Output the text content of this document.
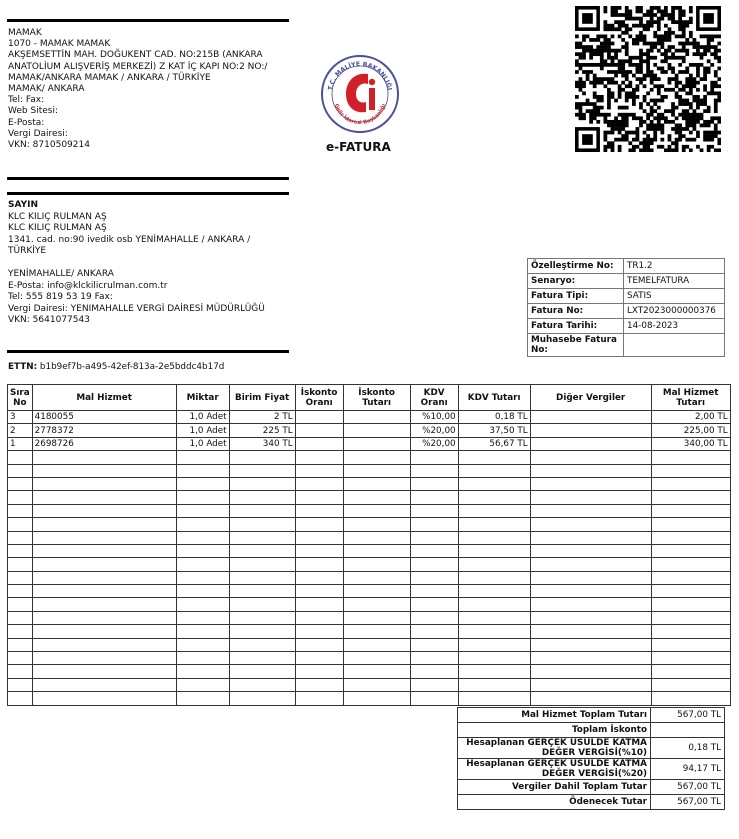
MAMAK
1070 - MAMAK MAMAK
AKŞEMSETTİN MAH. DOĞUKENT CAD. NO:215B (ANKARA
ANATOLİUM ALIŞVERİŞ MERKEZİ) Z KAT İÇ KAPI NO:2 NO:/
MAMAK/ANKARA MAMAK / ANKARA / TÜRKİYE
MAMAK/ ANKARA
Tel: Fax:
Web Sitesi:
E-Posta:
Vergi Dairesi:
VKN: 8710509214
SAYIN
KLC KILIÇ RULMAN AŞ
KLC KILIÇ RULMAN AŞ
1341. cad. no:90 ivedik osb YENİMAHALLE / ANKARA /
TÜRKİYE
YENİMAHALLE/ ANKARA
E-Posta: info@klckilicrulman.com.tr
Tel: 555 819 53 19 Fax:
Vergi Dairesi: YENIMAHALLE VERGİ DAİRESİ MÜDÜRLÜĞÜ
VKN: 5641077543
T.C. MALİYE BAKANLIĞI
Gelir İdaresi Başkanlığı
e-FATURA
Özelleştirme No:	TR1.2
Senaryo:	TEMELFATURA
Fatura Tipi:	SATIS
Fatura No:	LXT2023000000376
Fatura Tarihi:	14-08-2023
Muhasebe Fatura No:	
ETTN: b1b9ef7b-a495-42ef-813a-2e5bddc4b17d
Sıra No	Mal Hizmet	Miktar	Birim Fiyat	İskonto Oranı	İskonto Tutarı	KDV Oranı	KDV Tutarı	Diğer Vergiler	Mal Hizmet Tutarı
3	4180055	1,0 Adet	2 TL			%10,00	0,18 TL		2,00 TL
2	2778372	1,0 Adet	225 TL			%20,00	37,50 TL		225,00 TL
1	2698726	1,0 Adet	340 TL			%20,00	56,67 TL		340,00 TL

Mal Hizmet Toplam Tutarı	567,00 TL
Toplam İskonto	
Hesaplanan GERÇEK USULDE KATMA DEĞER VERGİSİ(%10)	0,18 TL
Hesaplanan GERÇEK USULDE KATMA DEĞER VERGİSİ(%20)	94,17 TL
Vergiler Dahil Toplam Tutar	567,00 TL
Ödenecek Tutar	567,00 TL
